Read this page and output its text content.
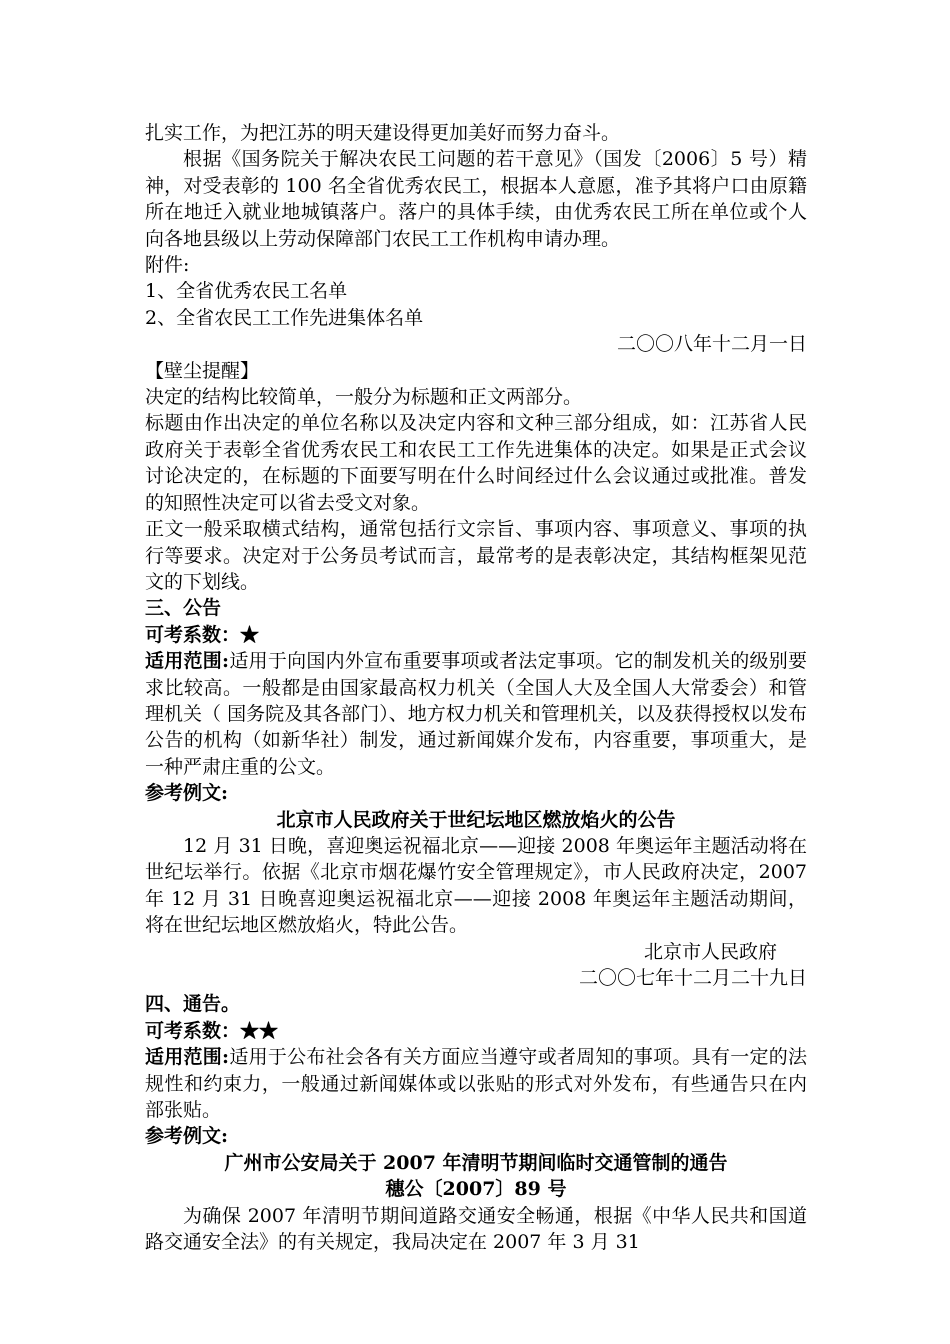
扎实工作，为把江苏的明天建设得更加美好而努力奋斗。

根据《国务院关于解决农民工问题的若干意见》（国发〔2006〕5 号）精神，对受表彰的 100 名全省优秀农民工，根据本人意愿，准予其将户口由原籍所在地迁入就业地城镇落户。落户的具体手续，由优秀农民工所在单位或个人向各地县级以上劳动保障部门农民工工作机构申请办理。

附件:

1、全省优秀农民工名单

2、全省农民工工作先进集体名单

二〇〇八年十二月一日

【壁尘提醒】

决定的结构比较简单，一般分为标题和正文两部分。

标题由作出决定的单位名称以及决定内容和文种三部分组成，如：江苏省人民政府关于表彰全省优秀农民工和农民工工作先进集体的决定。如果是正式会议讨论决定的，在标题的下面要写明在什么时间经过什么会议通过或批准。普发的知照性决定可以省去受文对象。

正文一般采取横式结构，通常包括行文宗旨、事项内容、事项意义、事项的执行等要求。决定对于公务员考试而言，最常考的是表彰决定，其结构框架见范文的下划线。

三、公告

可考系数：★

适用范围:适用于向国内外宣布重要事项或者法定事项。它的制发机关的级别要求比较高。一般都是由国家最高权力机关（全国人大及全国人大常委会）和管理机关（ 国务院及其各部门）、地方权力机关和管理机关，以及获得授权以发布公告的机构（如新华社）制发，通过新闻媒介发布，内容重要，事项重大，是一种严肃庄重的公文。

参考例文:

北京市人民政府关于世纪坛地区燃放焰火的公告

12 月 31 日晚，喜迎奥运祝福北京——迎接 2008 年奥运年主题活动将在世纪坛举行。依据《北京市烟花爆竹安全管理规定》，市人民政府决定，2007 年 12 月 31 日晚喜迎奥运祝福北京——迎接 2008 年奥运年主题活动期间，将在世纪坛地区燃放焰火，特此公告。

北京市人民政府

二〇〇七年十二月二十九日

四、通告。

可考系数：★★

适用范围:适用于公布社会各有关方面应当遵守或者周知的事项。具有一定的法规性和约束力，一般通过新闻媒体或以张贴的形式对外发布，有些通告只在内部张贴。

参考例文:

广州市公安局关于 2007 年清明节期间临时交通管制的通告

穗公〔2007〕89 号

为确保 2007 年清明节期间道路交通安全畅通，根据《中华人民共和国道路交通安全法》的有关规定，我局决定在 2007 年 3 月 31
